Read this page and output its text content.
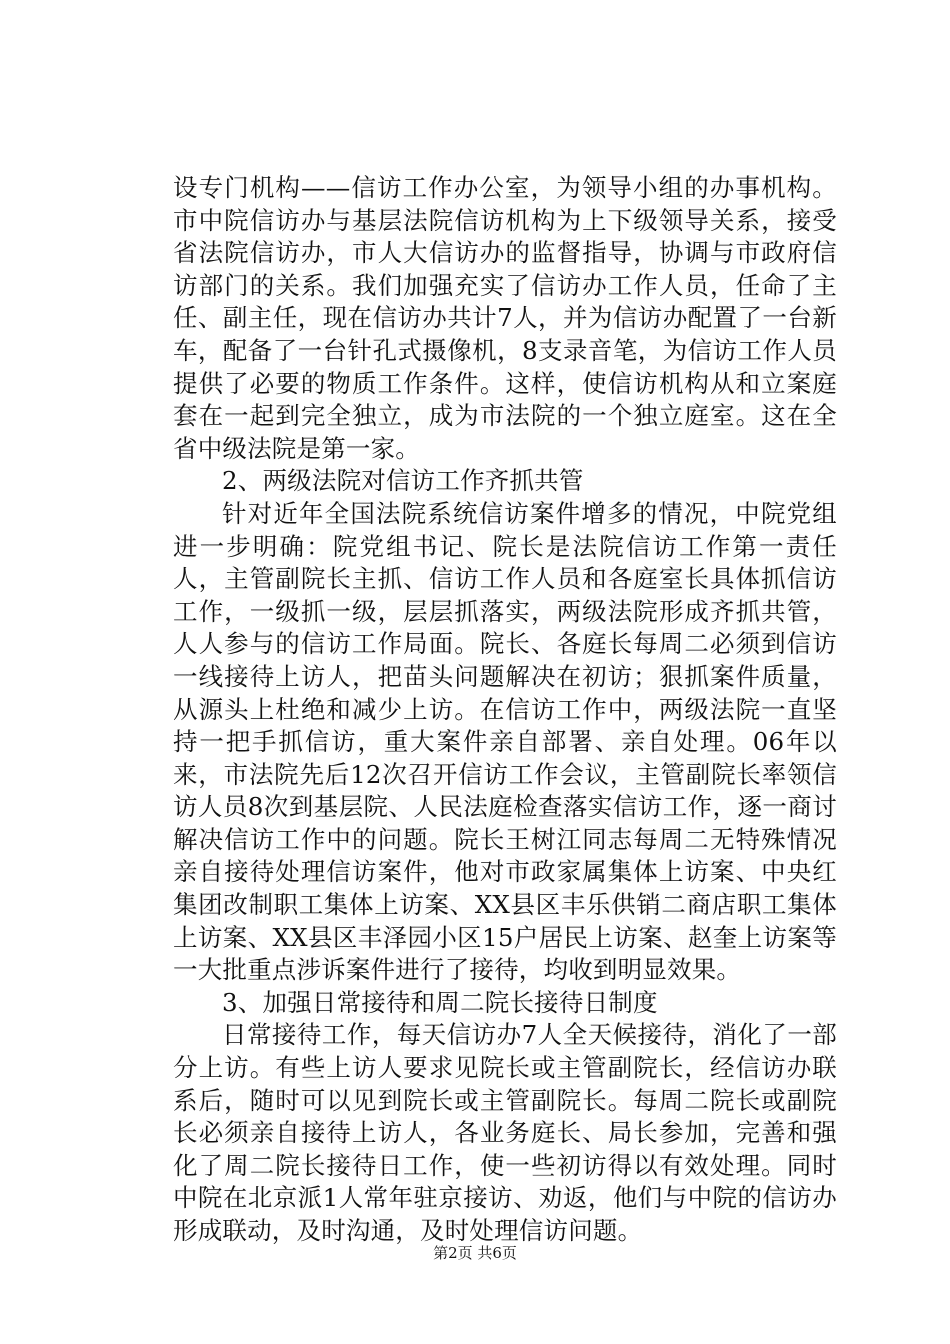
设专门机构——信访工作办公室，为领导小组的办事机构。市中院信访办与基层法院信访机构为上下级领导关系，接受省法院信访办，市人大信访办的监督指导，协调与市政府信访部门的关系。我们加强充实了信访办工作人员，任命了主任、副主任，现在信访办共计7人，并为信访办配置了一台新车，配备了一台针孔式摄像机，8支录音笔，为信访工作人员提供了必要的物质工作条件。这样，使信访机构从和立案庭套在一起到完全独立，成为市法院的一个独立庭室。这在全省中级法院是第一家。

2、两级法院对信访工作齐抓共管

针对近年全国法院系统信访案件增多的情况，中院党组进一步明确：院党组书记、院长是法院信访工作第一责任人，主管副院长主抓、信访工作人员和各庭室长具体抓信访工作，一级抓一级，层层抓落实，两级法院形成齐抓共管，人人参与的信访工作局面。院长、各庭长每周二必须到信访一线接待上访人，把苗头问题解决在初访；狠抓案件质量，从源头上杜绝和减少上访。在信访工作中，两级法院一直坚持一把手抓信访，重大案件亲自部署、亲自处理。06年以来，市法院先后12次召开信访工作会议，主管副院长率领信访人员8次到基层院、人民法庭检查落实信访工作，逐一商讨解决信访工作中的问题。院长王树江同志每周二无特殊情况亲自接待处理信访案件，他对市政家属集体上访案、中央红集团改制职工集体上访案、XX县区丰乐供销二商店职工集体上访案、XX县区丰泽园小区15户居民上访案、赵奎上访案等一大批重点涉诉案件进行了接待，均收到明显效果。

3、加强日常接待和周二院长接待日制度

日常接待工作，每天信访办7人全天候接待，消化了一部分上访。有些上访人要求见院长或主管副院长，经信访办联系后，随时可以见到院长或主管副院长。每周二院长或副院长必须亲自接待上访人，各业务庭长、局长参加，完善和强化了周二院长接待日工作，使一些初访得以有效处理。同时中院在北京派1人常年驻京接访、劝返，他们与中院的信访办形成联动，及时沟通，及时处理信访问题。

第2页 共6页
